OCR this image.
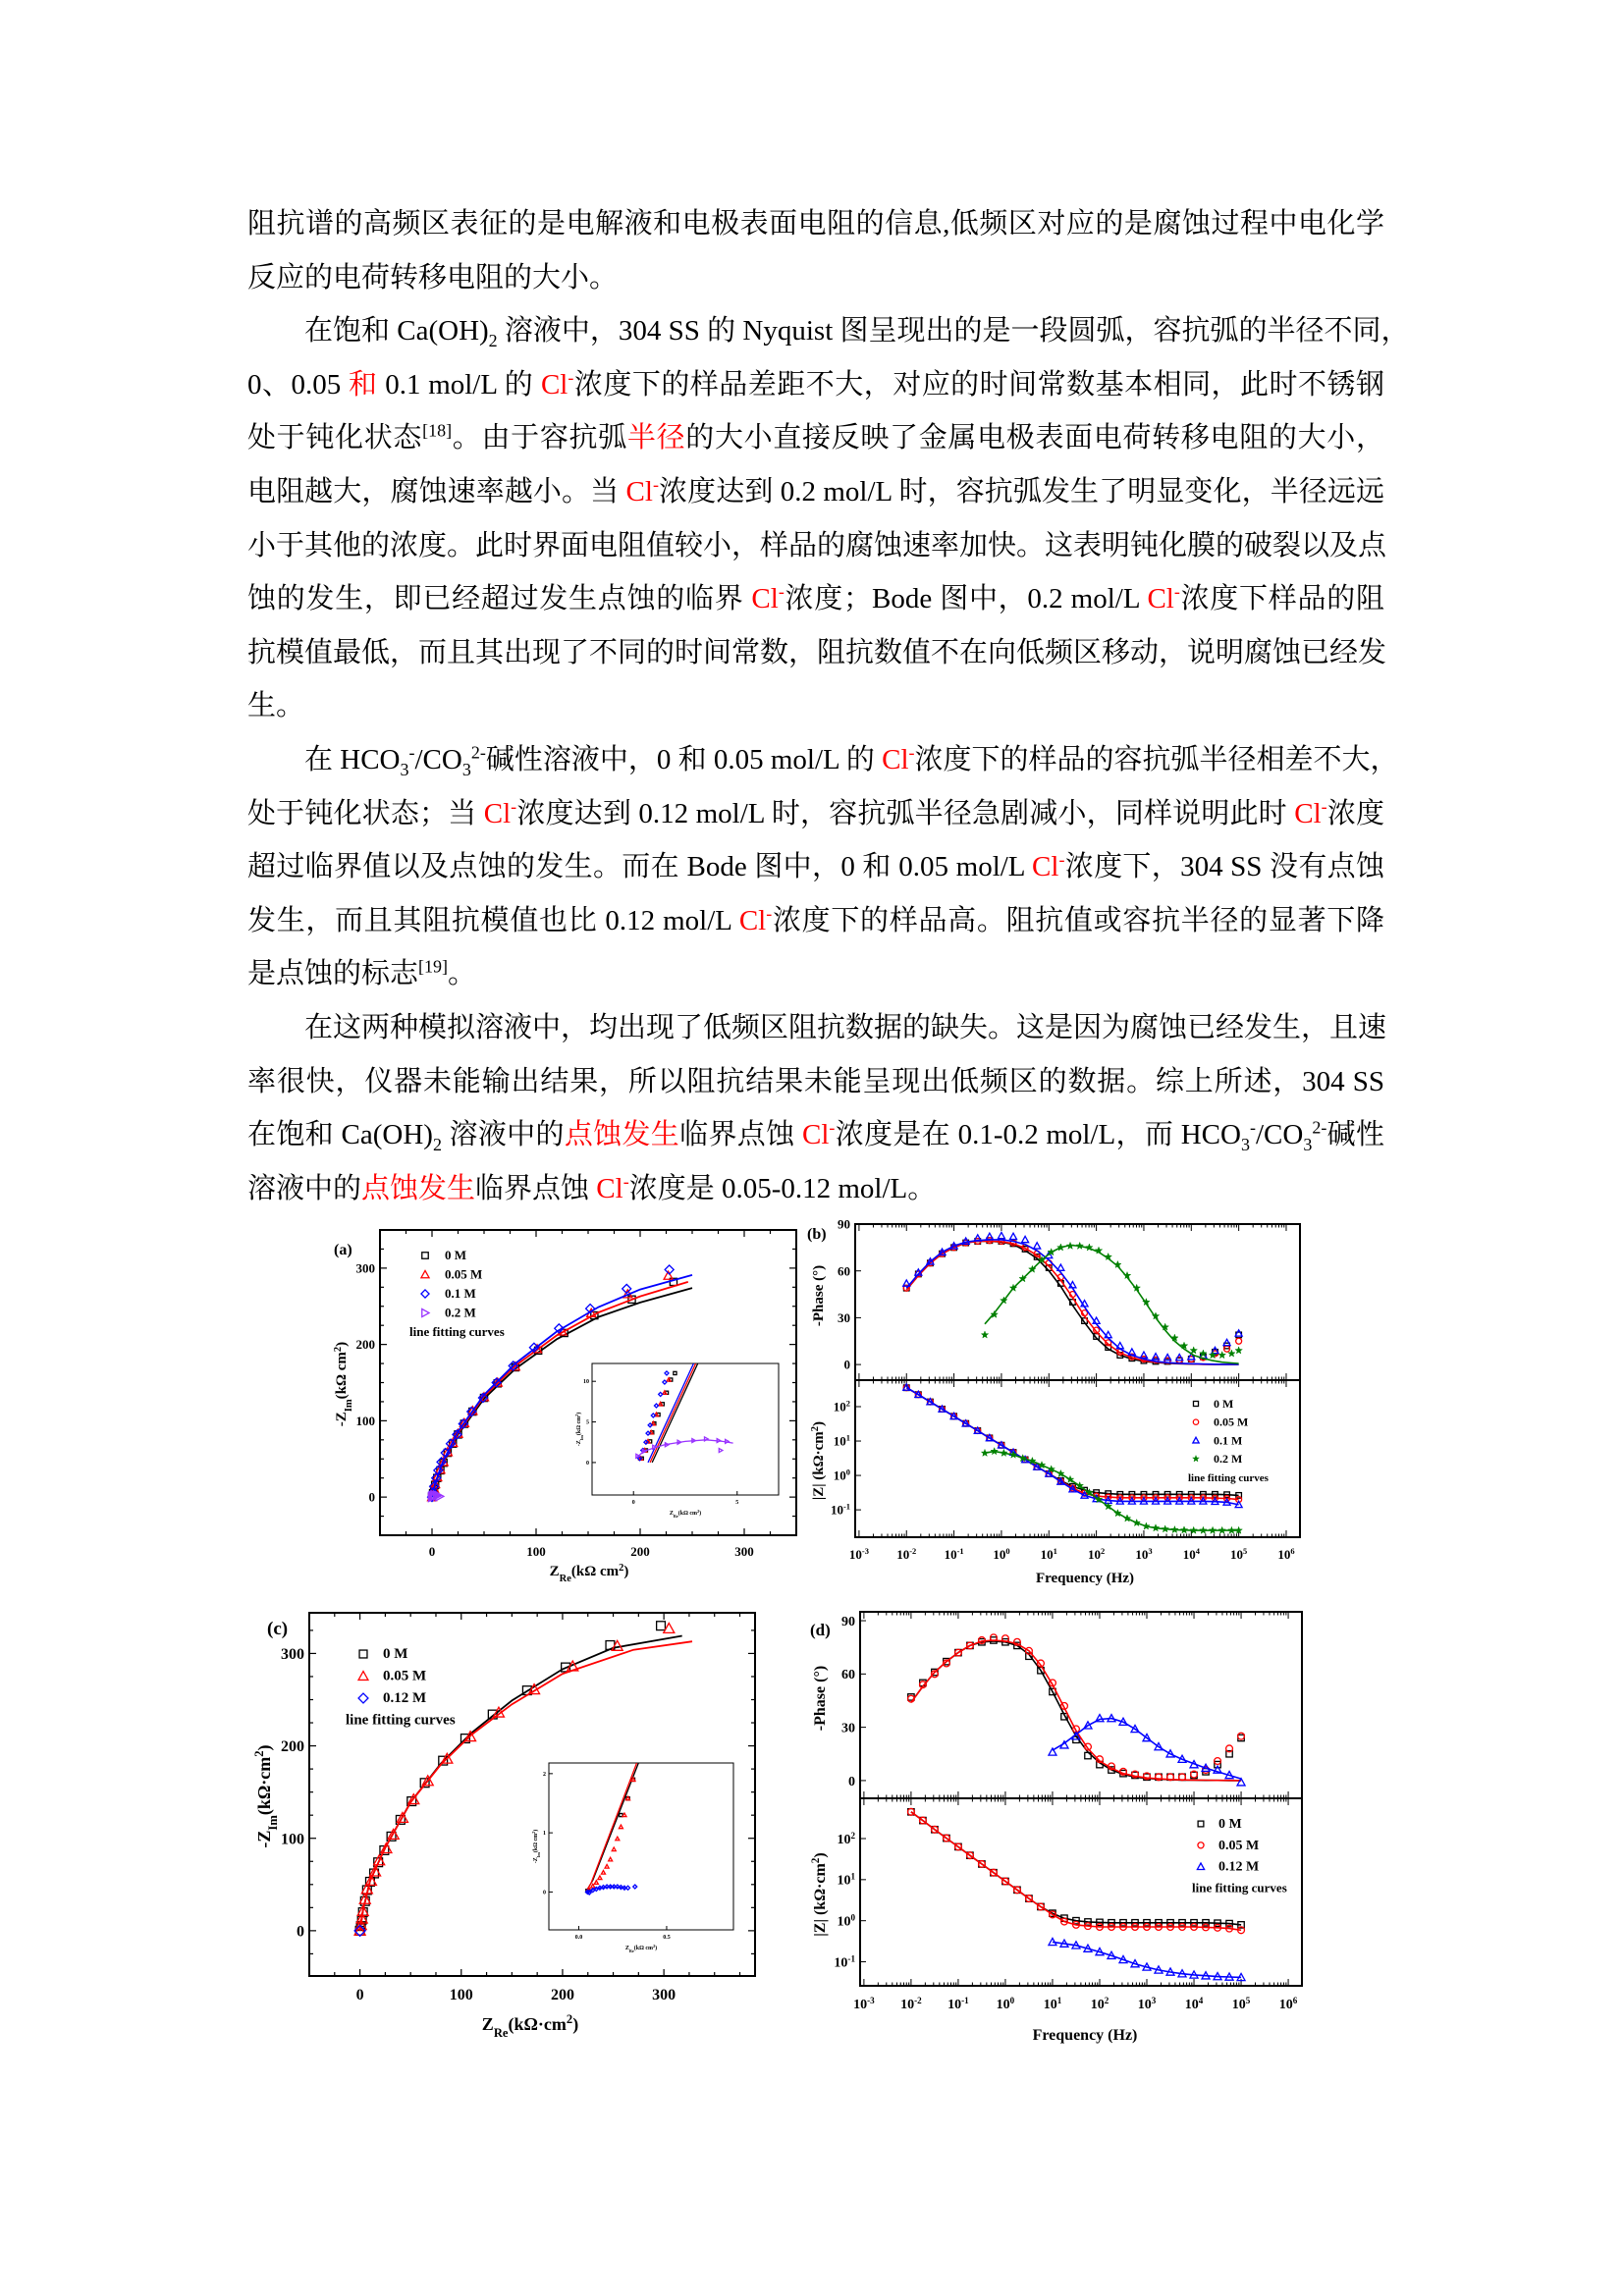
阻抗谱的高频区表征的是电解液和电极表面电阻的信息,低频区对应的是腐蚀过程中电化学
反应的电荷转移电阻的大小。
在饱和 $Ca(OH)_2$ 溶液中，304 SS 的 Nyquist 图呈现出的是一段圆弧，容抗弧的半径不同，
0、0.05 和 0.1 mol/L 的 Cl-浓度下的样品差距不大，对应的时间常数基本相同，此时不锈钢
处于钝化状态[18]。由于容抗弧半径的大小直接反映了金属电极表面电荷转移电阻的大小，
电阻越大，腐蚀速率越小。当 Cl-浓度达到 0.2 mol/L 时，容抗弧发生了明显变化，半径远远
小于其他的浓度。此时界面电阻值较小，样品的腐蚀速率加快。这表明钝化膜的破裂以及点
蚀的发生，即已经超过发生点蚀的临界 Cl-浓度；Bode 图中，0.2 mol/L Cl-浓度下样品的阻
抗模值最低，而且其出现了不同的时间常数，阻抗数值不在向低频区移动，说明腐蚀已经发
生。
在 $HCO_3^-/CO_3^{2-}$碱性溶液中，0 和 0.05 mol/L 的 Cl-浓度下的样品的容抗弧半径相差不大，
处于钝化状态；当 Cl-浓度达到 0.12 mol/L 时，容抗弧半径急剧减小，同样说明此时 Cl-浓度
超过临界值以及点蚀的发生。而在 Bode 图中，0 和 0.05 mol/L Cl-浓度下，304 SS 没有点蚀
发生，而且其阻抗模值也比 0.12 mol/L Cl-浓度下的样品高。阻抗值或容抗半径的显著下降
是点蚀的标志[19]。
在这两种模拟溶液中，均出现了低频区阻抗数据的缺失。这是因为腐蚀已经发生，且速
率很快，仪器未能输出结果，所以阻抗结果未能呈现出低频区的数据。综上所述，304 SS
在饱和 $Ca(OH)_2$ 溶液中的点蚀发生临界点蚀 Cl-浓度是在 0.1-0.2 mol/L，而 $HCO_3^-/CO_3^{2-}$碱性
溶液中的点蚀发生临界点蚀 Cl-浓度是 0.05-0.12 mol/L。
(a)
0	100	200	300
0
100
200
300
$Z_{Re}(k\Omega$ $cm^2$)
$-Z_{Im}(k\Omega$ $cm^2$)
0 M
0.05 M
0.1 M
0.2 M
line fitting curves
0	5
0
5
10
$Z_{Re}(k\Omega$ $cm^2$)
$-Z_{Im}(k\Omega$ $cm^2$)
(b)
$10^{-3}$ $10^{-2}$ $10^{-1}$ $10^0$ $10^1$ $10^2$ $10^3$ $10^4$ $10^5$ $10^6$
Frequency (Hz)
0
30
60
90
$10^{-1}$
$10^0$
$10^1$
$10^2$
-Phase (°)
|Z| $(k\Omega\cdot cm^2)$
0 M
0.05 M
0.1 M
0.2 M
line fitting curves
(c)
0	100	200	300
0
100
200
300
$Z_{Re}(k\Omega\cdot cm^2)$
$-Z_{Im}(k\Omega\cdot cm^2)$
0 M
0.05 M
0.12 M
line fitting curves
0.0	0.5
0
1
2
$Z_{Re}(k\Omega$ $cm^2$)
$-Z_{Im}(k\Omega$ $cm^2$)
(d)
$10^{-3}$ $10^{-2}$ $10^{-1}$ $10^0$ $10^1$ $10^2$ $10^3$ $10^4$ $10^5$ $10^6$
Frequency (Hz)
0
30
60
90
$10^{-1}$
$10^0$
$10^1$
$10^2$
-Phase (°)
|Z| $(k\Omega\cdot cm^2)$
0 M
0.05 M
0.12 M
line fitting curves
